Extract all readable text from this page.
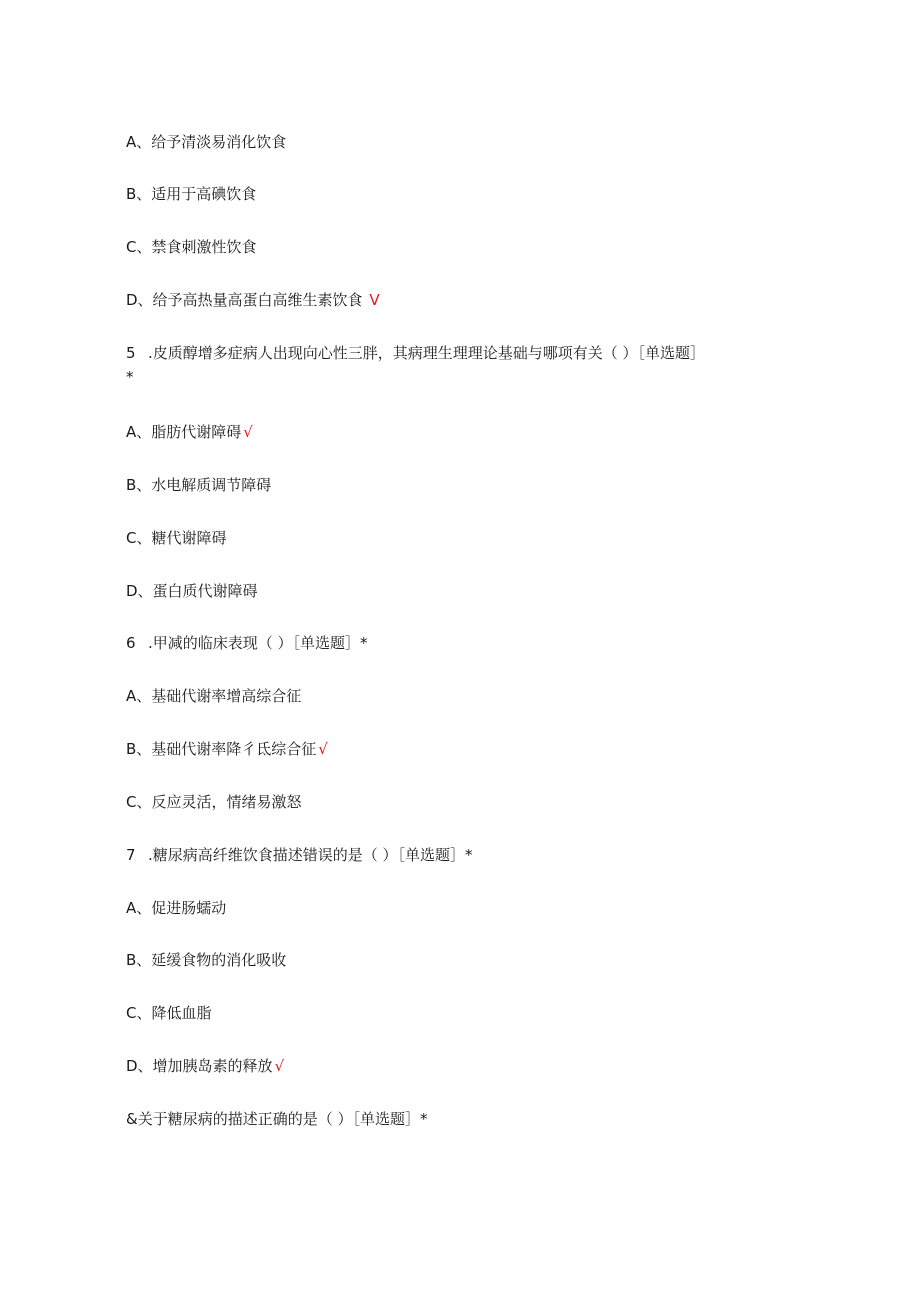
A、给予清淡易消化饮食
B、适用于高碘饮食
C、禁食刺激性饮食
D、给予高热量高蛋白高维生素饮食 V
5 .皮质醇增多症病人出现向心性三胖，其病理生理理论基础与哪项有关（ ）［单选题］
*
A、脂肪代谢障碍 √
B、水电解质调节障碍
C、糖代谢障碍
D、蛋白质代谢障碍
6 .甲减的临床表现（ ）［单选题］*
A、基础代谢率增高综合征
B、基础代谢率降彳氐综合征 √
C、反应灵活，情绪易激怒
7 .糖尿病高纤维饮食描述错误的是（ ）［单选题］*
A、促进肠蠕动
B、延缓食物的消化吸收
C、降低血脂
D、增加胰岛素的释放 √
&关于糖尿病的描述正确的是（ ）［单选题］*
